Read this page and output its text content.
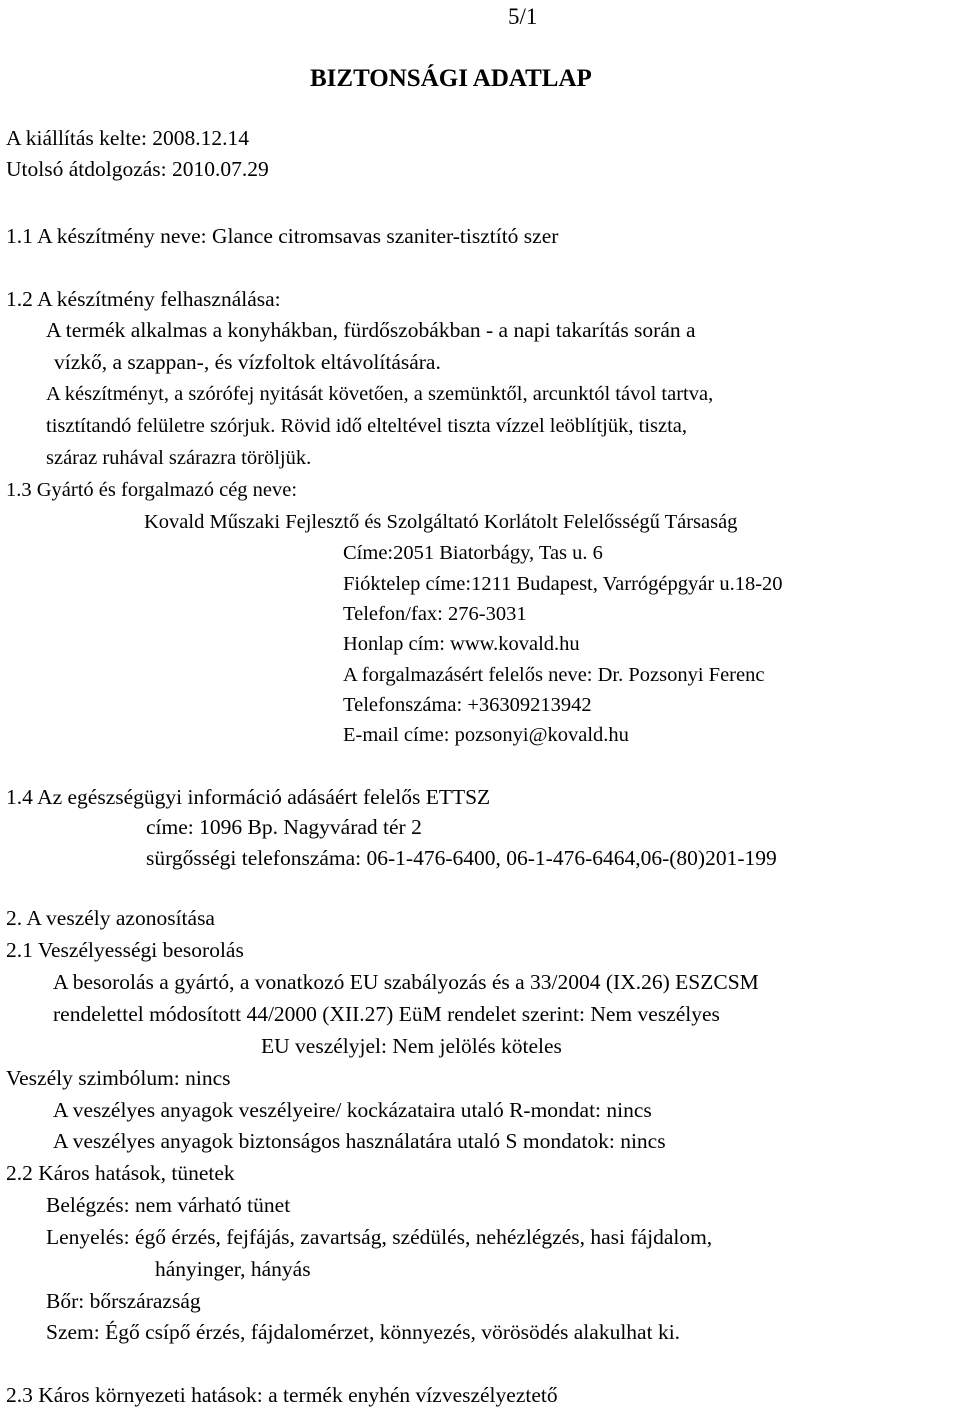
5/1
BIZTONSÁGI ADATLAP
A kiállítás kelte: 2008.12.14
Utolsó átdolgozás: 2010.07.29
1.1 A készítmény neve: Glance citromsavas szaniter-tisztító szer
1.2 A készítmény felhasználása:
A termék alkalmas a konyhákban, fürdőszobákban - a napi takarítás során a
vízkő, a szappan-, és vízfoltok eltávolítására.
A készítményt, a szórófej nyitását követően, a szemünktől, arcunktól távol tartva,
tisztítandó felületre szórjuk. Rövid idő elteltével tiszta vízzel leöblítjük, tiszta,
száraz ruhával szárazra töröljük.
1.3 Gyártó és forgalmazó cég neve:
Kovald Műszaki Fejlesztő és Szolgáltató Korlátolt Felelősségű Társaság
Címe:2051 Biatorbágy, Tas u. 6
Fióktelep címe:1211 Budapest, Varrógépgyár u.18-20
Telefon/fax: 276-3031
Honlap cím: www.kovald.hu
A forgalmazásért felelős neve: Dr. Pozsonyi Ferenc
Telefonszáma: +36309213942
E-mail címe: pozsonyi@kovald.hu
1.4 Az egészségügyi információ adásáért felelős ETTSZ
címe: 1096 Bp. Nagyvárad tér 2
sürgősségi telefonszáma: 06-1-476-6400, 06-1-476-6464,06-(80)201-199
2. A veszély azonosítása
2.1 Veszélyességi besorolás
A besorolás a gyártó, a vonatkozó EU szabályozás és a 33/2004 (IX.26) ESZCSM
rendelettel módosított 44/2000 (XII.27) EüM rendelet szerint: Nem veszélyes
EU veszélyjel: Nem jelölés köteles
Veszély szimbólum: nincs
A veszélyes anyagok veszélyeire/ kockázataira utaló R-mondat: nincs
A veszélyes anyagok biztonságos használatára utaló S mondatok: nincs
2.2 Káros hatások, tünetek
Belégzés: nem várható tünet
Lenyelés: égő érzés, fejfájás, zavartság, szédülés, nehézlégzés, hasi fájdalom,
hányinger, hányás
Bőr: bőrszárazság
Szem: Égő csípő érzés, fájdalomérzet, könnyezés, vörösödés alakulhat ki.
2.3 Káros környezeti hatások: a termék enyhén vízveszélyeztető
